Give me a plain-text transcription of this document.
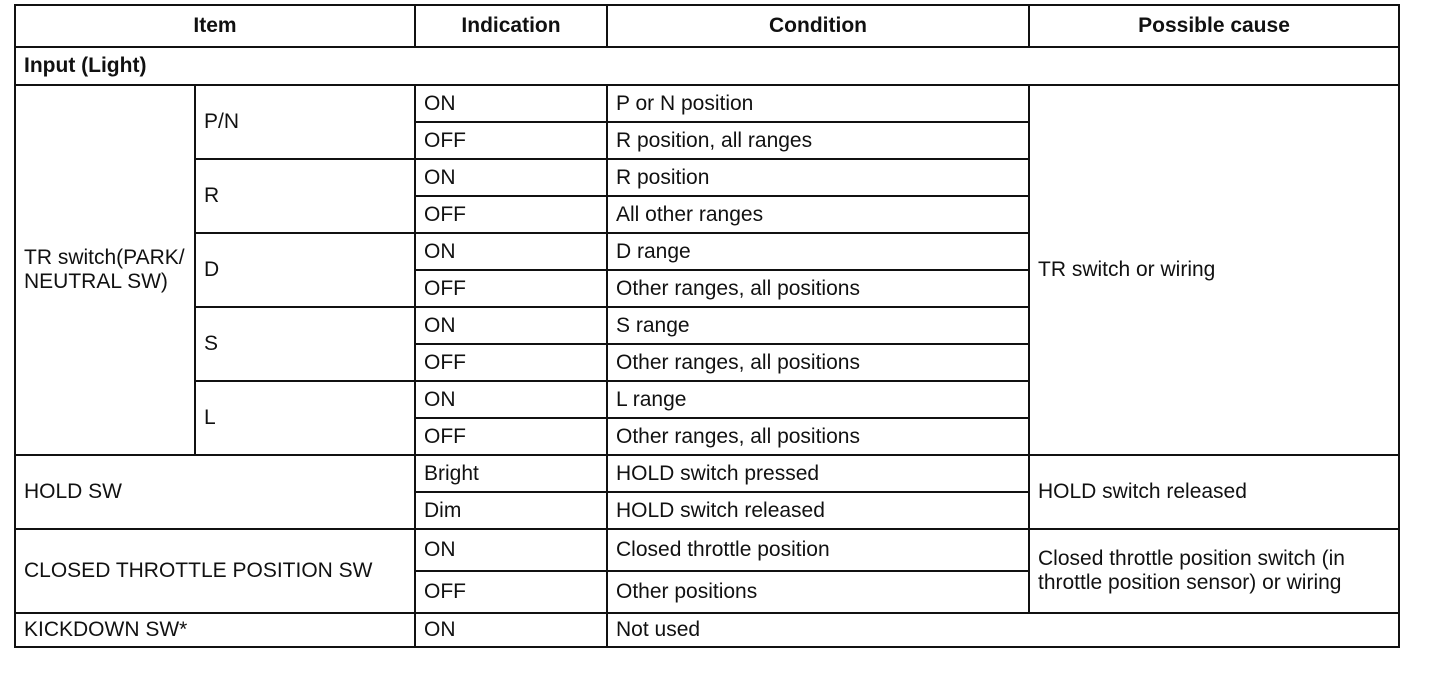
Item		Indication	Condition	Possible cause
Input (Light)				
TR switch(PARK/ NEUTRAL SW)	P/N	ON	P or N position	TR switch or wiring
		OFF	R position, all ranges	
	R	ON	R position	
		OFF	All other ranges	
	D	ON	D range	
		OFF	Other ranges, all positions	
	S	ON	S range	
		OFF	Other ranges, all positions	
	L	ON	L range	
		OFF	Other ranges, all positions	
HOLD SW		Bright	HOLD switch pressed	HOLD switch released
		Dim	HOLD switch released	
CLOSED THROTTLE POSITION SW		ON	Closed throttle position	Closed throttle position switch (in throttle position sensor) or wiring
		OFF	Other positions	
KICKDOWN SW*		ON	Not used	
